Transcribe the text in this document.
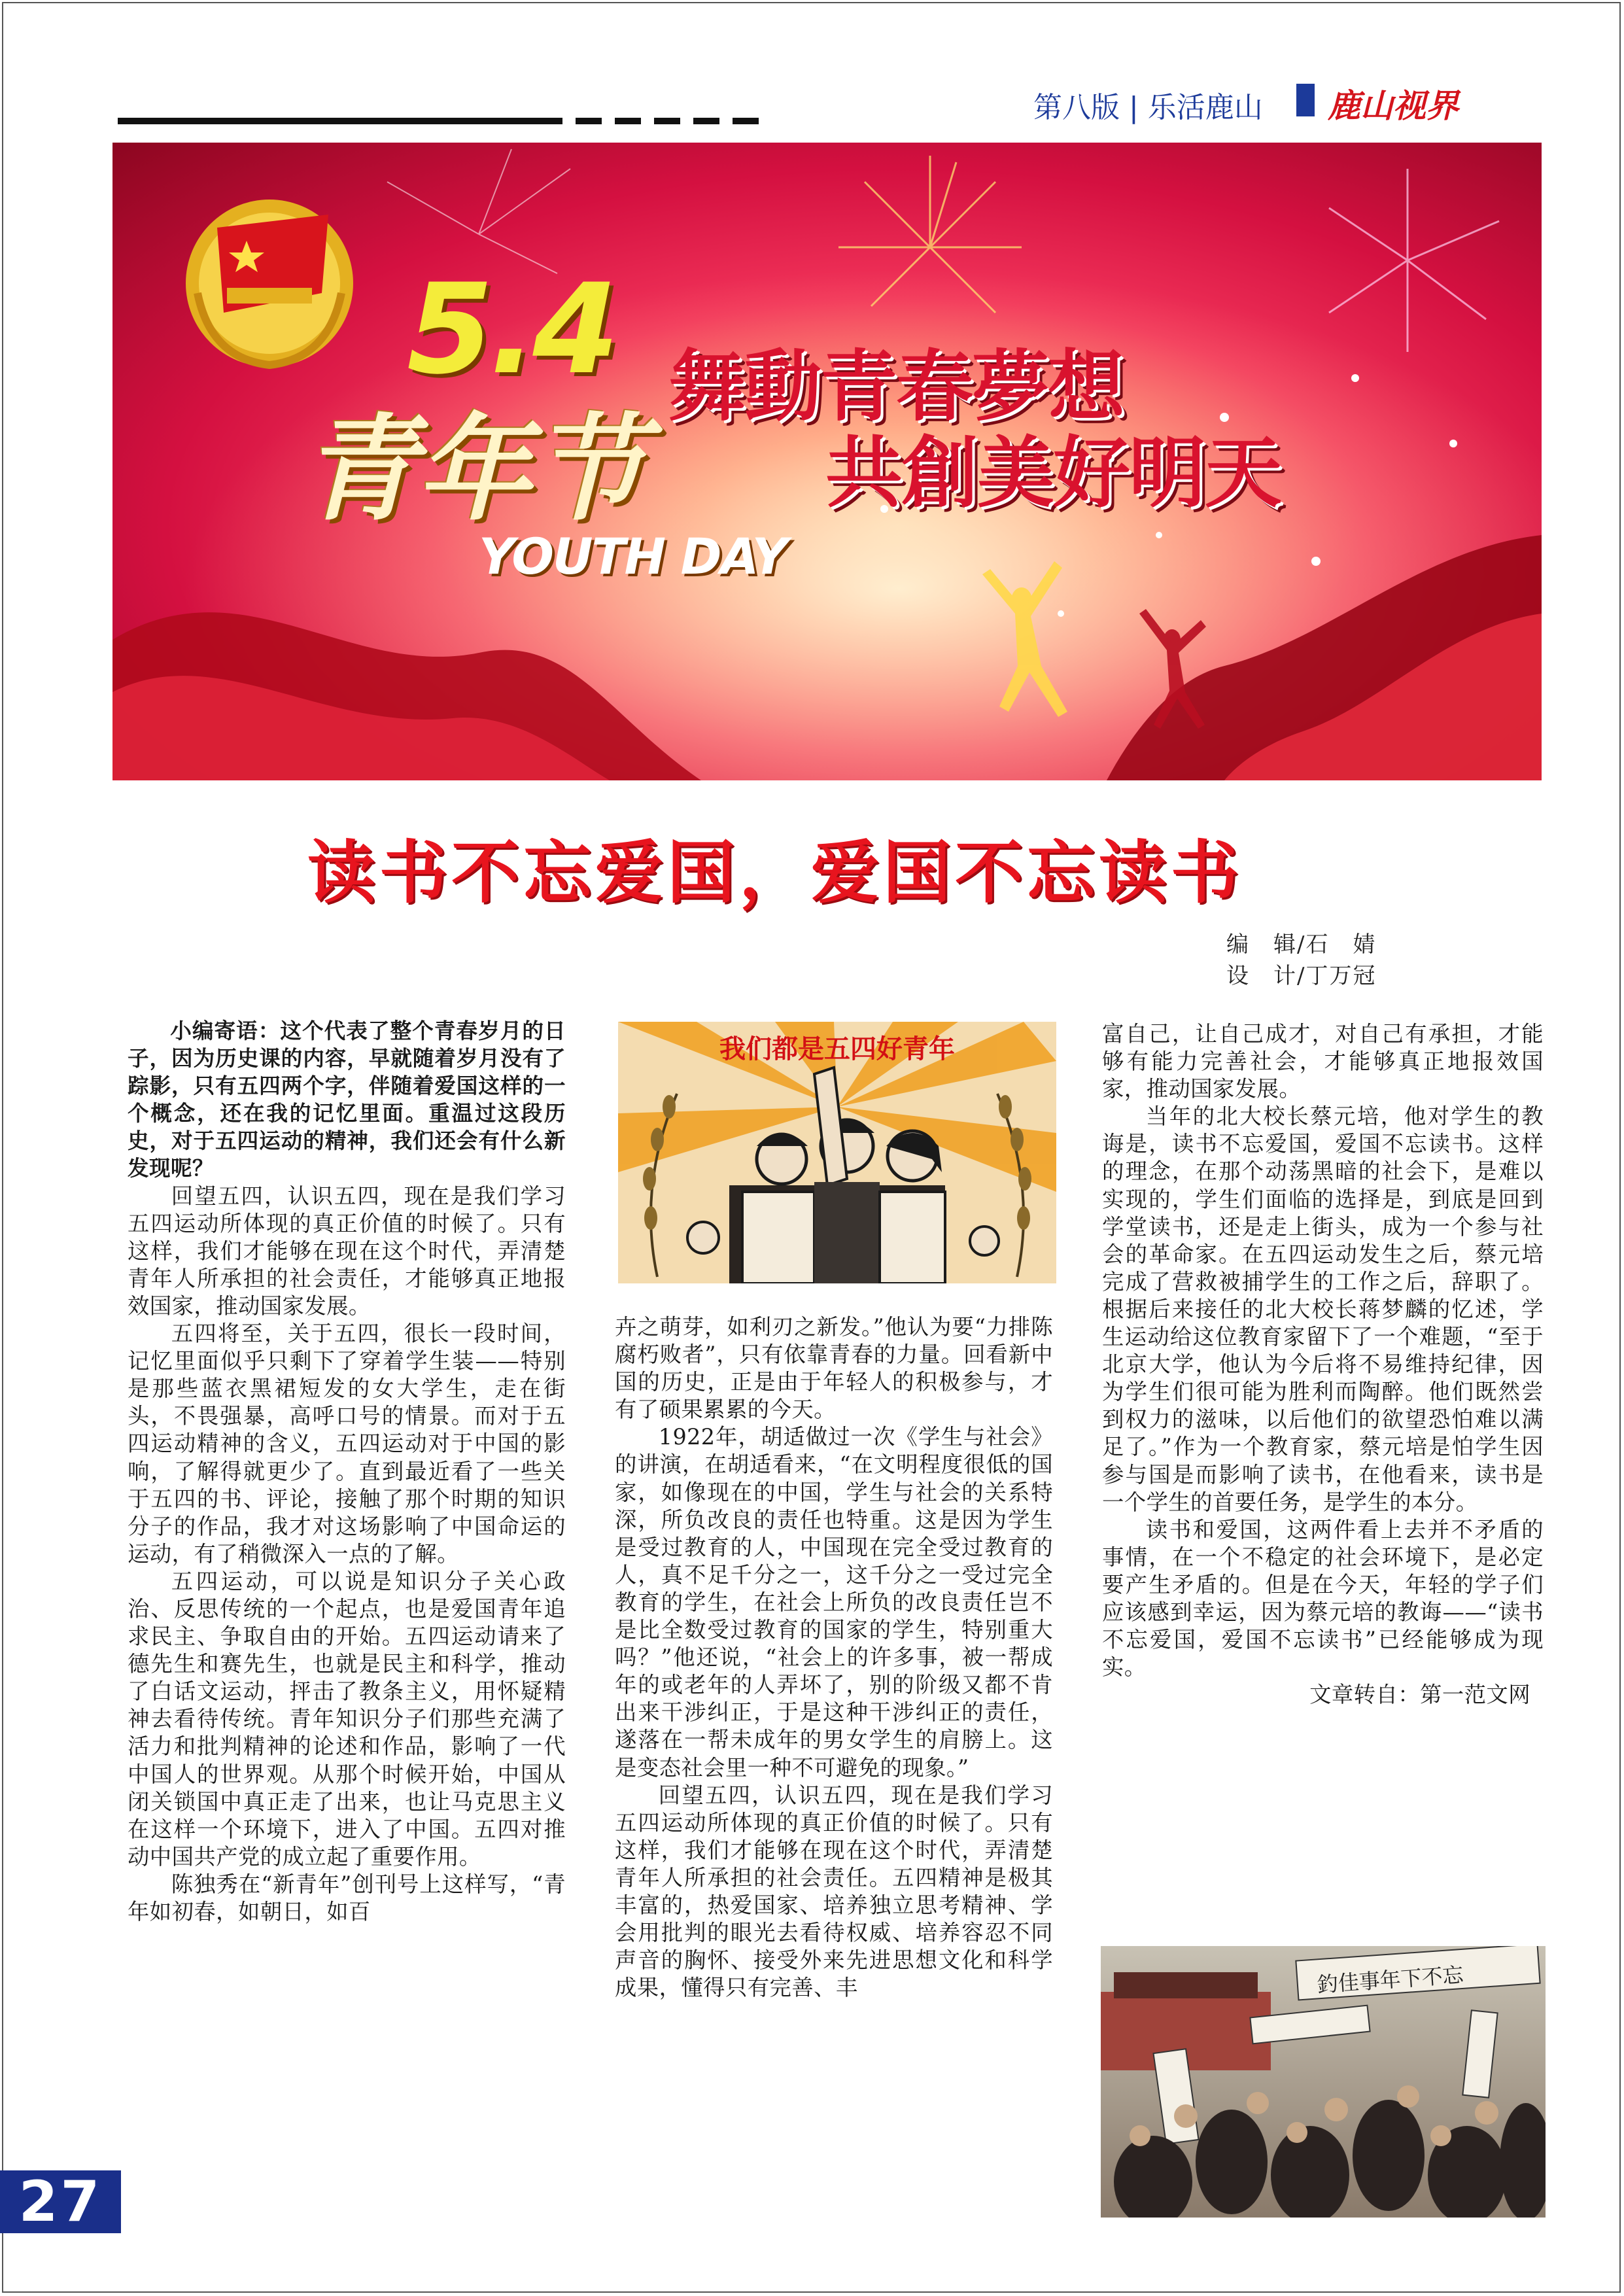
第八版 | 乐活鹿山 鹿山视界
5.4
青年节
YOUTH DAY
舞動青春夢想
共創美好明天
读书不忘爱国，爱国不忘读书
编　辑/石　婧
设　计/丁万冠

小编寄语：这个代表了整个青春岁月的日子，因为历史课的内容，早就随着岁月没有了踪影，只有五四两个字，伴随着爱国这样的一个概念，还在我的记忆里面。重温过这段历史，对于五四运动的精神，我们还会有什么新发现呢？

回望五四，认识五四，现在是我们学习五四运动所体现的真正价值的时候了。只有这样，我们才能够在现在这个时代，弄清楚青年人所承担的社会责任，才能够真正地报效国家，推动国家发展。

五四将至，关于五四，很长一段时间，记忆里面似乎只剩下了穿着学生装——特别是那些蓝衣黑裙短发的女大学生，走在街头，不畏强暴，高呼口号的情景。而对于五四运动精神的含义，五四运动对于中国的影响，了解得就更少了。直到最近看了一些关于五四的书、评论，接触了那个时期的知识分子的作品，我才对这场影响了中国命运的运动，有了稍微深入一点的了解。

五四运动，可以说是知识分子关心政治、反思传统的一个起点，也是爱国青年追求民主、争取自由的开始。五四运动请来了德先生和赛先生，也就是民主和科学，推动了白话文运动，抨击了教条主义，用怀疑精神去看待传统。青年知识分子们那些充满了活力和批判精神的论述和作品，影响了一代中国人的世界观。从那个时候开始，中国从闭关锁国中真正走了出来，也让马克思主义在这样一个环境下，进入了中国。五四对推动中国共产党的成立起了重要作用。

陈独秀在“新青年”创刊号上这样写，“青年如初春，如朝日，如百

我们都是五四好青年

卉之萌芽，如利刃之新发。”他认为要“力排陈腐朽败者”，只有依靠青春的力量。回看新中国的历史，正是由于年轻人的积极参与，才有了硕果累累的今天。

1922年，胡适做过一次《学生与社会》的讲演，在胡适看来，“在文明程度很低的国家，如像现在的中国，学生与社会的关系特深，所负改良的责任也特重。这是因为学生是受过教育的人，中国现在完全受过教育的人，真不足千分之一，这千分之一受过完全教育的学生，在社会上所负的改良责任岂不是比全数受过教育的国家的学生，特别重大吗？”他还说，“社会上的许多事，被一帮成年的或老年的人弄坏了，别的阶级又都不肯出来干涉纠正，于是这种干涉纠正的责任，遂落在一帮未成年的男女学生的肩膀上。这是变态社会里一种不可避免的现象。”

回望五四，认识五四，现在是我们学习五四运动所体现的真正价值的时候了。只有这样，我们才能够在现在这个时代，弄清楚青年人所承担的社会责任。五四精神是极其丰富的，热爱国家、培养独立思考精神、学会用批判的眼光去看待权威、培养容忍不同声音的胸怀、接受外来先进思想文化和科学成果，懂得只有完善、丰

富自己，让自己成才，对自己有承担，才能够有能力完善社会，才能够真正地报效国家，推动国家发展。

当年的北大校长蔡元培，他对学生的教诲是，读书不忘爱国，爱国不忘读书。这样的理念，在那个动荡黑暗的社会下，是难以实现的，学生们面临的选择是，到底是回到学堂读书，还是走上街头，成为一个参与社会的革命家。在五四运动发生之后，蔡元培完成了营救被捕学生的工作之后，辞职了。根据后来接任的北大校长蒋梦麟的忆述，学生运动给这位教育家留下了一个难题，“至于北京大学，他认为今后将不易维持纪律，因为学生们很可能为胜利而陶醉。他们既然尝到权力的滋味，以后他们的欲望恐怕难以满足了。”作为一个教育家，蔡元培是怕学生因参与国是而影响了读书，在他看来，读书是一个学生的首要任务，是学生的本分。

读书和爱国，这两件看上去并不矛盾的事情，在一个不稳定的社会环境下，是必定要产生矛盾的。但是在今天，年轻的学子们应该感到幸运，因为蔡元培的教诲——“读书不忘爱国，爱国不忘读书”已经能够成为现实。

文章转自：第一范文网

釣佳事年下不忘
27
